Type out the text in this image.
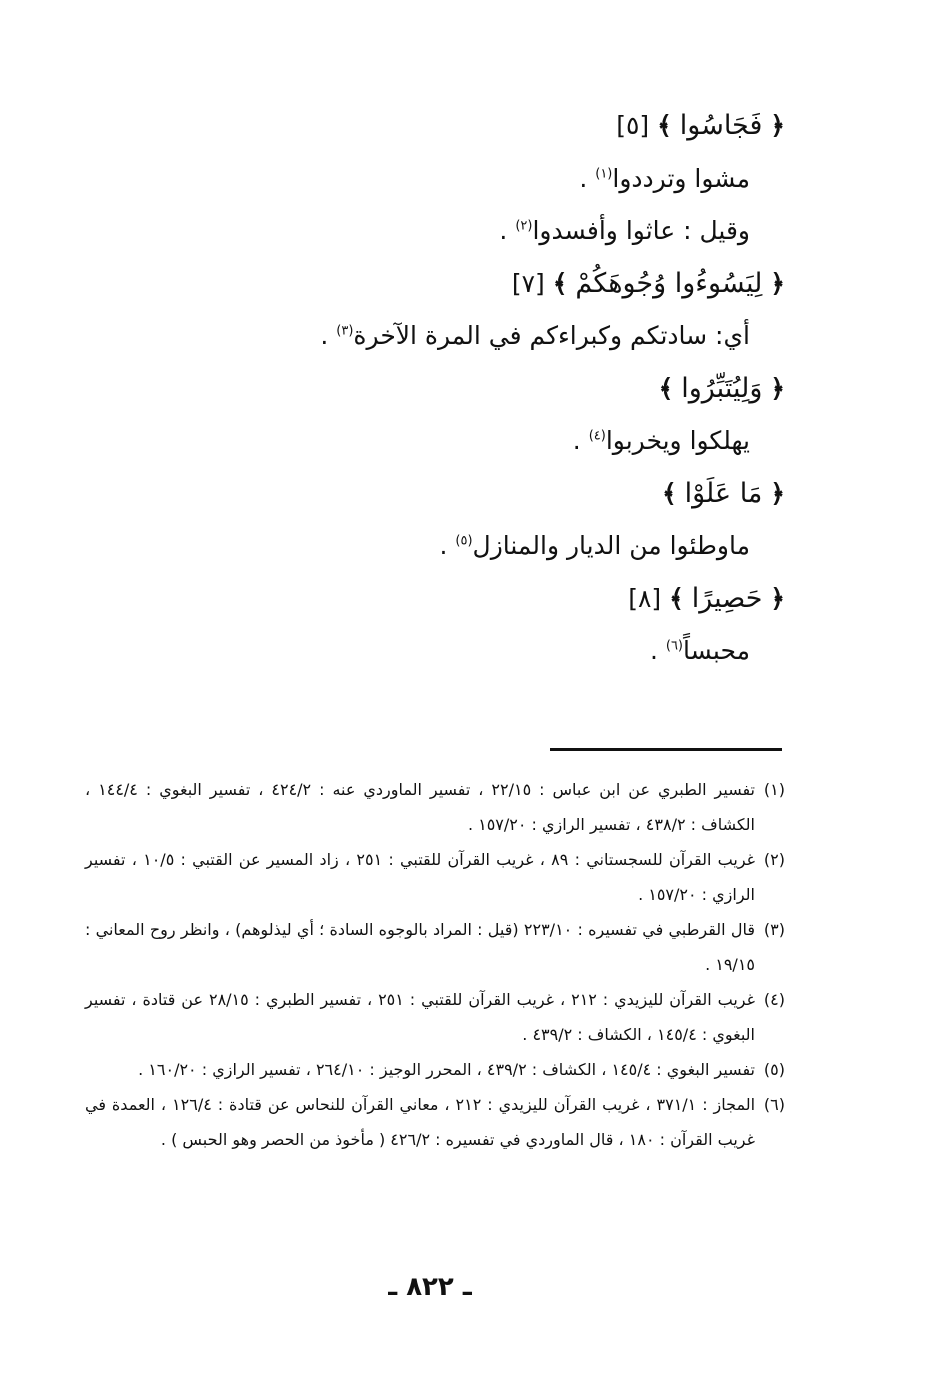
﴿ فَجَاسُوا ﴾ [٥]
مشوا وترددوا$^{(١)}$ .
وقيل : عاثوا وأفسدوا$^{(٢)}$ .
﴿ لِيَسُوءُوا وُجُوهَكُمْ ﴾ [٧]
أي: سادتكم وكبراءكم في المرة الآخرة$^{(٣)}$ .
﴿ وَلِيُتَبِّرُوا ﴾
يهلكوا ويخربوا$^{(٤)}$ .
﴿ مَا عَلَوْا ﴾
ماوطئوا من الديار والمنازل$^{(٥)}$ .
﴿ حَصِيرًا ﴾ [٨]
محبساً$^{(٦)}$ .
(١)
تفسير الطبري عن ابن عباس : ٢٢/١٥ ، تفسير الماوردي عنه : ٤٢٤/٢ ، تفسير البغوي : ١٤٤/٤ ، الكشاف : ٤٣٨/٢ ، تفسير الرازي : ١٥٧/٢٠ .
(٢)
غريب القرآن للسجستاني : ٨٩ ، غريب القرآن للقتبي : ٢٥١ ، زاد المسير عن القتبي : ١٠/٥ ، تفسير الرازي : ١٥٧/٢٠ .
(٣)
قال القرطبي في تفسيره : ٢٢٣/١٠ (قيل : المراد بالوجوه السادة ؛ أي ليذلوهم) ، وانظر روح المعاني : ١٩/١٥ .
(٤)
غريب القرآن لليزيدي : ٢١٢ ، غريب القرآن للقتبي : ٢٥١ ، تفسير الطبري : ٢٨/١٥ عن قتادة ، تفسير البغوي : ١٤٥/٤ ، الكشاف : ٤٣٩/٢ .
(٥)
تفسير البغوي : ١٤٥/٤ ، الكشاف : ٤٣٩/٢ ، المحرر الوجيز : ٢٦٤/١٠ ، تفسير الرازي : ١٦٠/٢٠ .
(٦)
المجاز : ٣٧١/١ ، غريب القرآن لليزيدي : ٢١٢ ، معاني القرآن للنحاس عن قتادة : ١٢٦/٤ ، العمدة في غريب القرآن : ١٨٠ ، قال الماوردي في تفسيره : ٤٢٦/٢ ( مأخوذ من الحصر وهو الحبس ) .
ـ ٨٢٢ ـ
